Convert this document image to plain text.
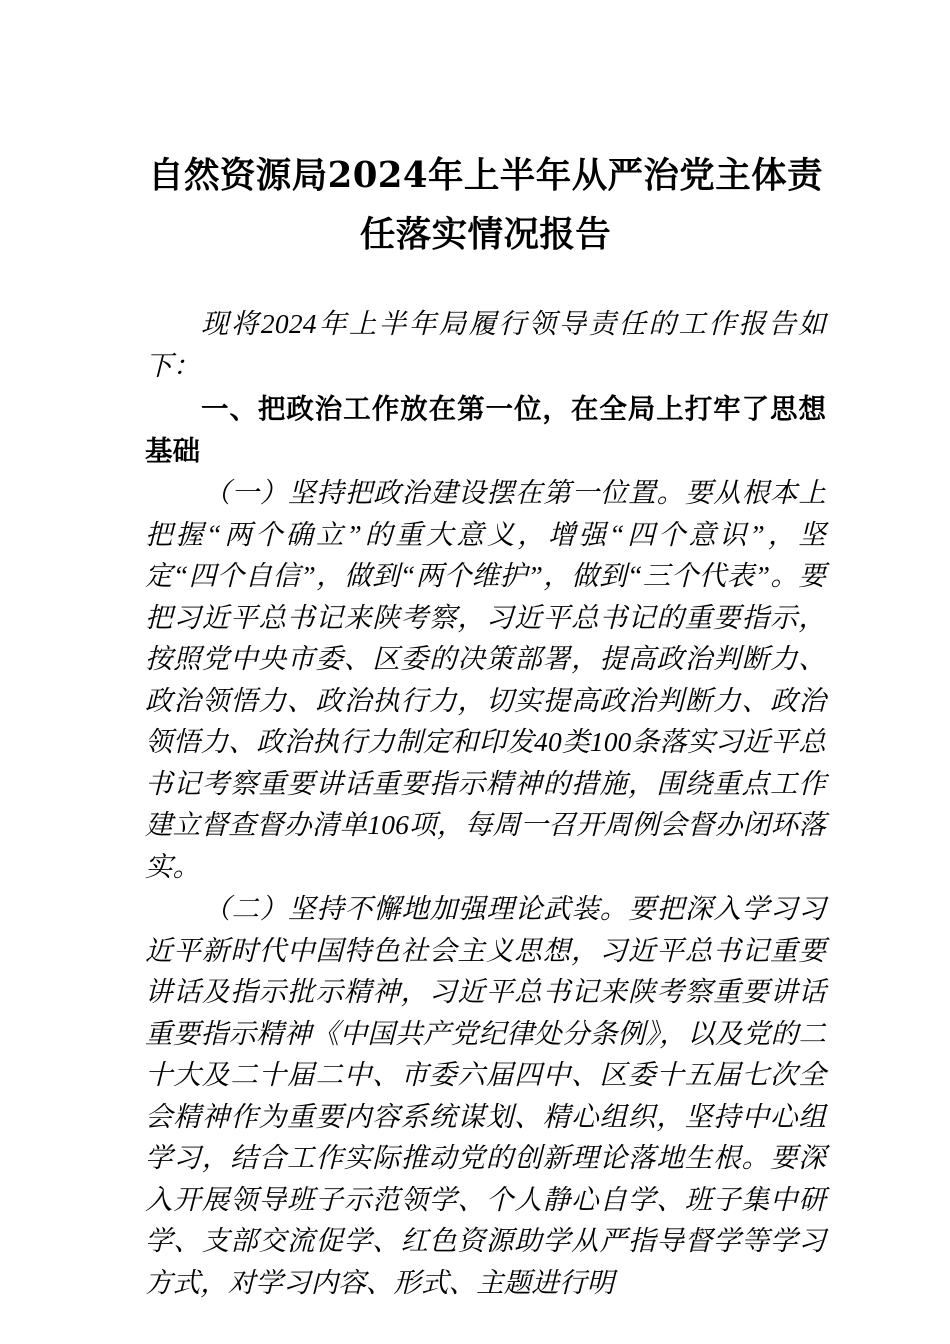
自然资源局2024年上半年从严治党主体责任落实情况报告

现将2024年上半年局履行领导责任的工作报告如下：

一、把政治工作放在第一位，在全局上打牢了思想基础

（一）坚持把政治建设摆在第一位置。要从根本上把握“两个确立”的重大意义，增强“四个意识”，坚定“四个自信”，做到“两个维护”，做到“三个代表”。要把习近平总书记来陕考察，习近平总书记的重要指示，按照党中央市委、区委的决策部署，提高政治判断力、政治领悟力、政治执行力，切实提高政治判断力、政治领悟力、政治执行力制定和印发40类100条落实习近平总书记考察重要讲话重要指示精神的措施，围绕重点工作建立督查督办清单106项，每周一召开周例会督办闭环落实。

（二）坚持不懈地加强理论武装。要把深入学习习近平新时代中国特色社会主义思想，习近平总书记重要讲话及指示批示精神，习近平总书记来陕考察重要讲话重要指示精神《中国共产党纪律处分条例》，以及党的二十大及二十届二中、市委六届四中、区委十五届七次全会精神作为重要内容系统谋划、精心组织，坚持中心组学习，结合工作实际推动党的创新理论落地生根。要深入开展领导班子示范领学、个人静心自学、班子集中研学、支部交流促学、红色资源助学从严指导督学等学习方式，对学习内容、形式、主题进行明
